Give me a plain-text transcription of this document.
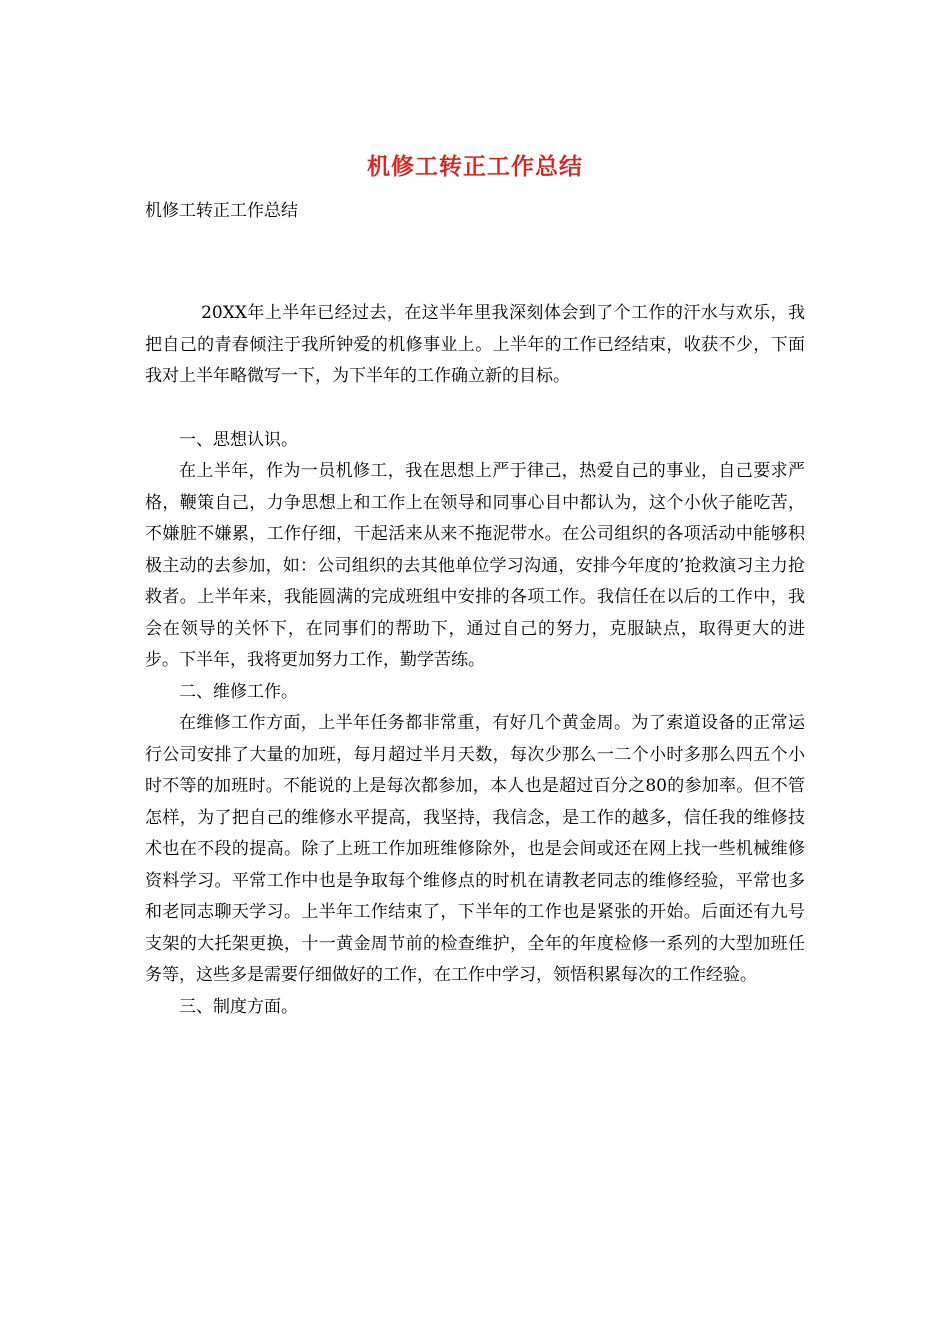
机修工转正工作总结
机修工转正工作总结

20XX年上半年已经过去，在这半年里我深刻体会到了个工作的汗水与欢乐，我把自己的青春倾注于我所钟爱的机修事业上。上半年的工作已经结束，收获不少，下面我对上半年略微写一下，为下半年的工作确立新的目标。

一、思想认识。

在上半年，作为一员机修工，我在思想上严于律己，热爱自己的事业，自己要求严格，鞭策自己，力争思想上和工作上在领导和同事心目中都认为，这个小伙子能吃苦，不嫌脏不嫌累，工作仔细，干起活来从来不拖泥带水。在公司组织的各项活动中能够积极主动的去参加，如：公司组织的去其他单位学习沟通，安排今年度的’抢救演习主力抢救者。上半年来，我能圆满的完成班组中安排的各项工作。我信任在以后的工作中，我会在领导的关怀下，在同事们的帮助下，通过自己的努力，克服缺点，取得更大的进步。下半年，我将更加努力工作，勤学苦练。

二、维修工作。

在维修工作方面，上半年任务都非常重，有好几个黄金周。为了索道设备的正常运行公司安排了大量的加班，每月超过半月天数，每次少那么一二个小时多那么四五个小时不等的加班时。不能说的上是每次都参加，本人也是超过百分之80的参加率。但不管怎样，为了把自己的维修水平提高，我坚持，我信念，是工作的越多，信任我的维修技术也在不段的提高。除了上班工作加班维修除外，也是会间或还在网上找一些机械维修资料学习。平常工作中也是争取每个维修点的时机在请教老同志的维修经验，平常也多和老同志聊天学习。上半年工作结束了，下半年的工作也是紧张的开始。后面还有九号支架的大托架更换，十一黄金周节前的检查维护，全年的年度检修一系列的大型加班任务等，这些多是需要仔细做好的工作，在工作中学习，领悟积累每次的工作经验。

三、制度方面。
